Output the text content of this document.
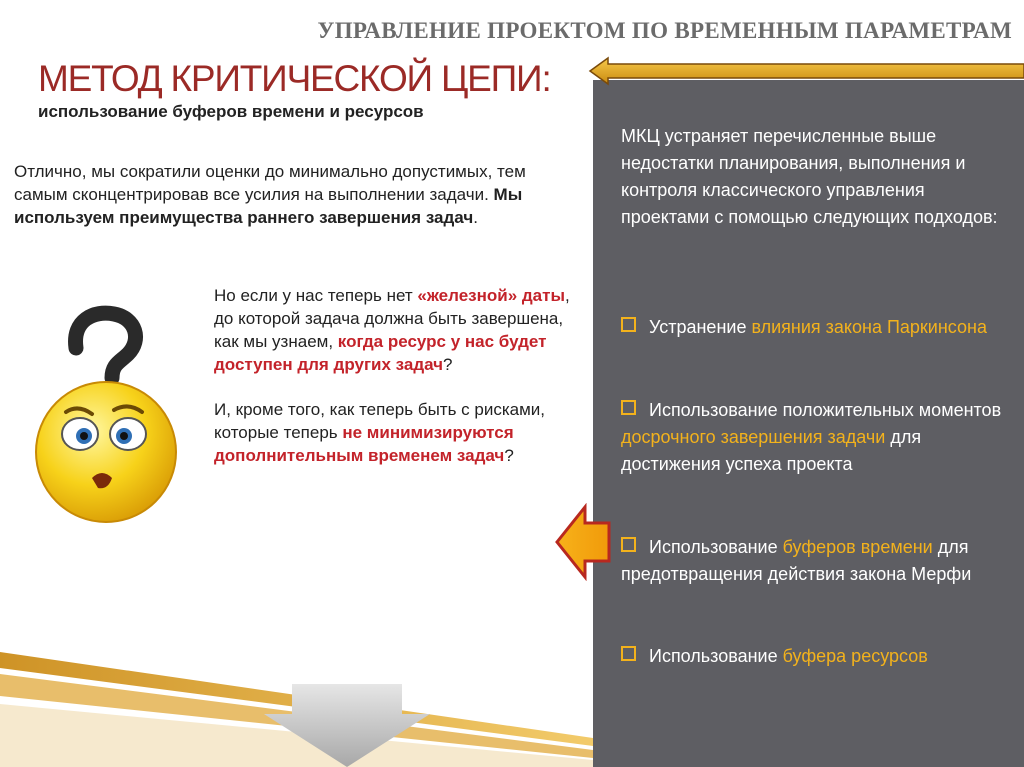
УПРАВЛЕНИЕ ПРОЕКТОМ ПО ВРЕМЕННЫМ ПАРАМЕТРАМ
МКЦ устраняет перечисленные выше недостатки планирования, выполнения и контроля классического управления проектами с помощью следующих подходов:
Устранение влияния закона Паркинсона
Использование положительных моментов досрочного завершения задачи для достижения успеха проекта
Использование буферов времени для предотвращения действия закона Мерфи
Использование буфера ресурсов
МЕТОД КРИТИЧЕСКОЙ ЦЕПИ:
использование буферов времени и ресурсов
Отлично, мы сократили оценки до минимально допустимых, тем самым сконцентрировав все усилия на выполнении задачи. Мы используем преимущества раннего завершения задач.

Но если у нас теперь нет «железной» даты, до которой задача должна быть завершена, как мы узнаем, когда ресурс у нас будет доступен для других задач?

И, кроме того, как теперь быть с рисками, которые теперь не минимизируются дополнительным временем задач?
